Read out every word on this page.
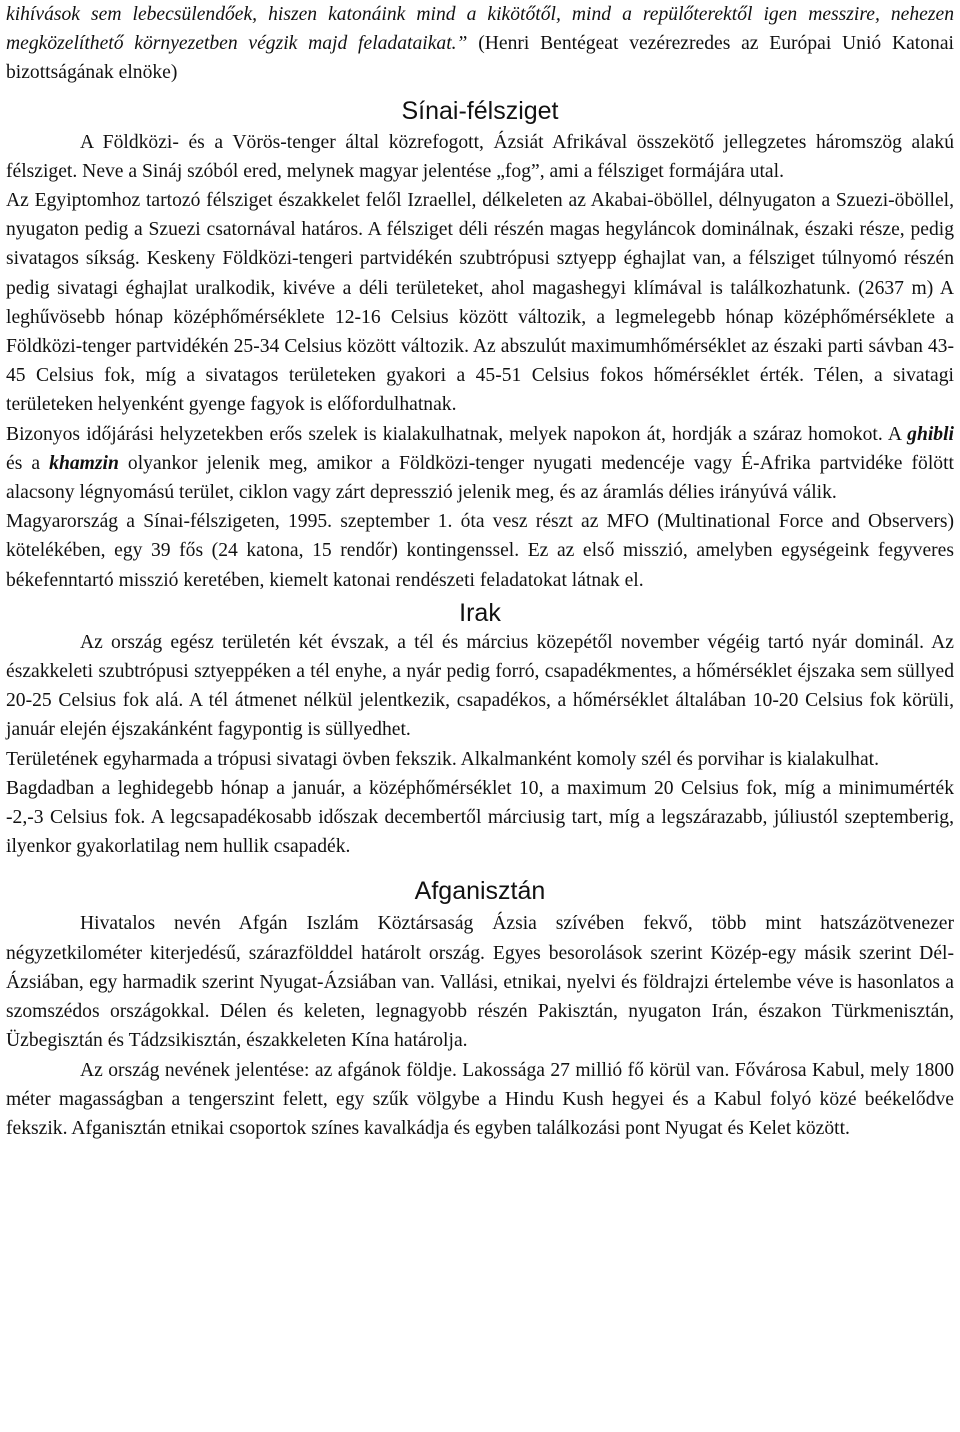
kihívások sem lebecsülendőek, hiszen katonáink mind a kikötőtől, mind a repülőterektől igen messzire, nehezen megközelíthető környezetben végzik majd feladataikat.” (Henri Bentégeat vezérezredes az Európai Unió Katonai bizottságának elnöke)

Sínai-félsziget

A Földközi- és a Vörös-tenger által közrefogott, Ázsiát Afrikával összekötő jellegzetes háromszög alakú félsziget. Neve a Sináj szóból ered, melynek magyar jelentése „fog”, ami a félsziget formájára utal.

Az Egyiptomhoz tartozó félsziget északkelet felől Izraellel, délkeleten az Akabai-öböllel, délnyugaton a Szuezi-öböllel, nyugaton pedig a Szuezi csatornával határos. A félsziget déli részén magas hegyláncok dominálnak, északi része, pedig sivatagos síkság. Keskeny Földközi-tengeri partvidékén szubtrópusi sztyepp éghajlat van, a félsziget túlnyomó részén pedig sivatagi éghajlat uralkodik, kivéve a déli területeket, ahol magashegyi klímával is találkozhatunk. (2637 m) A leghűvösebb hónap középhőmérséklete 12-16 Celsius között változik, a legmelegebb hónap középhőmérséklete a Földközi-tenger partvidékén 25-34 Celsius között változik. Az abszulút maximumhőmérséklet az északi parti sávban 43-45 Celsius fok, míg a sivatagos területeken gyakori a 45-51 Celsius fokos hőmérséklet érték. Télen, a sivatagi területeken helyenként gyenge fagyok is előfordulhatnak.

Bizonyos időjárási helyzetekben erős szelek is kialakulhatnak, melyek napokon át, hordják a száraz homokot. A ghibli és a khamzin olyankor jelenik meg, amikor a Földközi-tenger nyugati medencéje vagy É-Afrika partvidéke fölött alacsony légnyomású terület, ciklon vagy zárt depresszió jelenik meg, és az áramlás délies irányúvá válik.

Magyarország a Sínai-félszigeten, 1995. szeptember 1. óta vesz részt az MFO (Multinational Force and Observers) kötelékében, egy 39 fős (24 katona, 15 rendőr) kontingenssel. Ez az első misszió, amelyben egységeink fegyveres békefenntartó misszió keretében, kiemelt katonai rendészeti feladatokat látnak el.

Irak

Az ország egész területén két évszak, a tél és március közepétől november végéig tartó nyár dominál. Az északkeleti szubtrópusi sztyeppéken a tél enyhe, a nyár pedig forró, csapadékmentes, a hőmérséklet éjszaka sem süllyed 20-25 Celsius fok alá. A tél átmenet nélkül jelentkezik, csapadékos, a hőmérséklet általában 10-20 Celsius fok körüli, január elején éjszakánként fagypontig is süllyedhet.

Területének egyharmada a trópusi sivatagi övben fekszik. Alkalmanként komoly szél és porvihar is kialakulhat.

Bagdadban a leghidegebb hónap a január, a középhőmérséklet 10, a maximum 20 Celsius fok, míg a minimumérték -2,-3 Celsius fok. A legcsapadékosabb időszak decembertől márciusig tart, míg a legszárazabb, júliustól szeptemberig, ilyenkor gyakorlatilag nem hullik csapadék.

Afganisztán

Hivatalos nevén Afgán Iszlám Köztársaság Ázsia szívében fekvő, több mint hatszázötvenezer négyzetkilométer kiterjedésű, szárazfölddel határolt ország. Egyes besorolások szerint Közép-egy másik szerint Dél-Ázsiában, egy harmadik szerint Nyugat-Ázsiában van. Vallási, etnikai, nyelvi és földrajzi értelembe véve is hasonlatos a szomszédos országokkal. Délen és keleten, legnagyobb részén Pakisztán, nyugaton Irán, északon Türkmenisztán, Üzbegisztán és Tádzsikisztán, északkeleten Kína határolja.

Az ország nevének jelentése: az afgánok földje. Lakossága 27 millió fő körül van. Fővárosa Kabul, mely 1800 méter magasságban a tengerszint felett, egy szűk völgybe a Hindu Kush hegyei és a Kabul folyó közé beékelődve fekszik. Afganisztán etnikai csoportok színes kavalkádja és egyben találkozási pont Nyugat és Kelet között.
